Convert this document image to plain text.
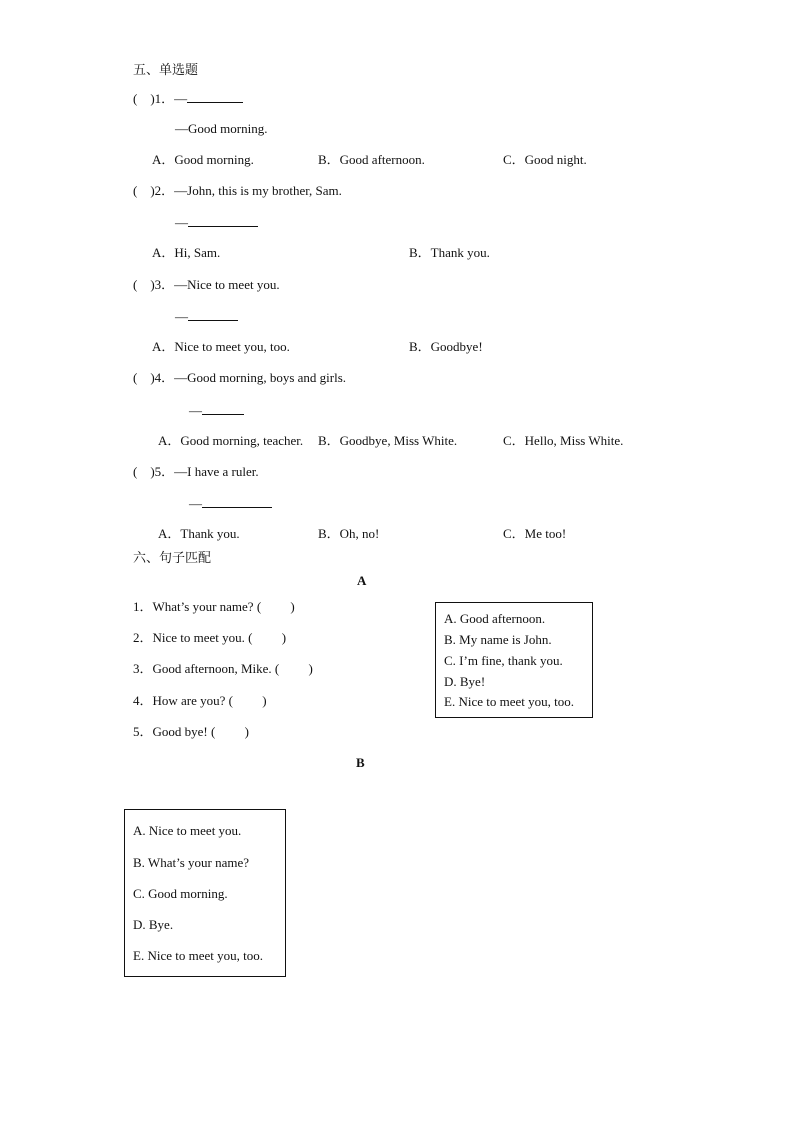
五、单选题
(    )1．—
—Good morning.
A．Good morning.	B．Good afternoon.	C．Good night.
(    )2．—John, this is my brother, Sam.
—
A．Hi, Sam.	B．Thank you.
(    )3．—Nice to meet you.
—
A．Nice to meet you, too.	B．Goodbye!
(    )4．—Good morning, boys and girls.
—
A．Good morning, teacher. B．Goodbye, Miss White.	C．Hello, Miss White.
(    )5．—I have a ruler.
—
A．Thank you.	B．Oh, no!	C．Me too!
六、句子匹配
A
1．What’s your name? (         )
2．Nice to meet you. (         )
3．Good afternoon, Mike. (         )
4．How are you? (         )
5．Good bye! (         )
A. Good afternoon.
B. My name is John.
C. I’m fine, thank you.
D. Bye!
E. Nice to meet you, too.
B
A. Nice to meet you.
B. What’s your name?
C. Good morning.
D. Bye.
E. Nice to meet you, too.
